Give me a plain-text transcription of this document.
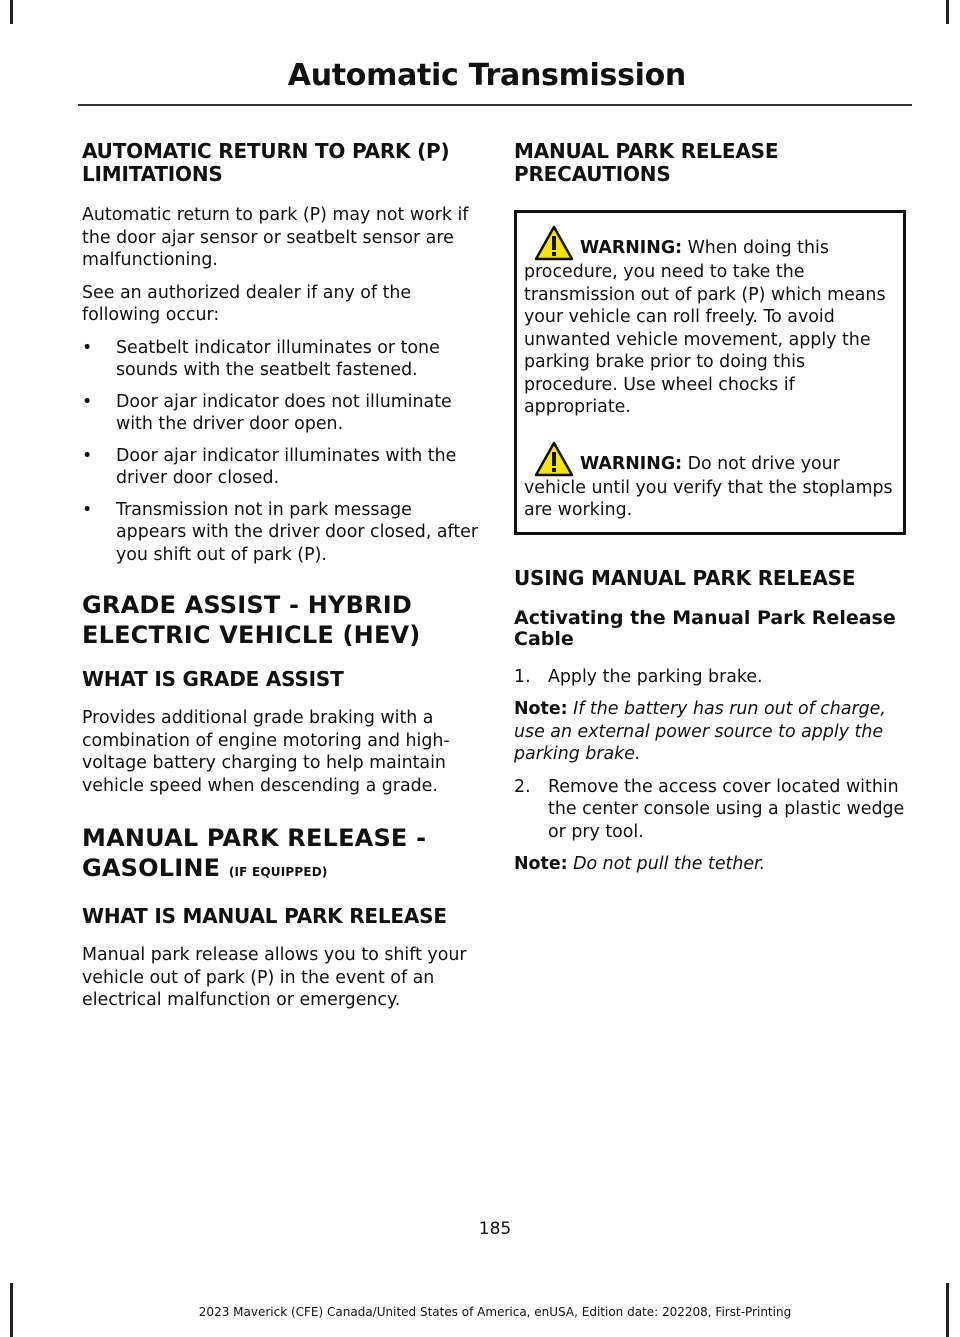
Automatic Transmission
AUTOMATIC RETURN TO PARK (P) LIMITATIONS

Automatic return to park (P) may not work if the door ajar sensor or seatbelt sensor are malfunctioning.

See an authorized dealer if any of the following occur:

• Seatbelt indicator illuminates or tone sounds with the seatbelt fastened.
• Door ajar indicator does not illuminate with the driver door open.
• Door ajar indicator illuminates with the driver door closed.
• Transmission not in park message appears with the driver door closed, after you shift out of park (P).
GRADE ASSIST - HYBRID ELECTRIC VEHICLE (HEV)
WHAT IS GRADE ASSIST

Provides additional grade braking with a combination of engine motoring and high-voltage battery charging to help maintain vehicle speed when descending a grade.

MANUAL PARK RELEASE - GASOLINE (IF EQUIPPED)
WHAT IS MANUAL PARK RELEASE

Manual park release allows you to shift your vehicle out of park (P) in the event of an electrical malfunction or emergency.

MANUAL PARK RELEASE PRECAUTIONS

WARNING: When doing this procedure, you need to take the transmission out of park (P) which means your vehicle can roll freely. To avoid unwanted vehicle movement, apply the parking brake prior to doing this procedure. Use wheel chocks if appropriate.

WARNING: Do not drive your vehicle until you verify that the stoplamps are working.

USING MANUAL PARK RELEASE
Activating the Manual Park Release Cable
1. Apply the parking brake.

Note: If the battery has run out of charge, use an external power source to apply the parking brake.

2. Remove the access cover located within the center console using a plastic wedge or pry tool.

Note: Do not pull the tether.

185
2023 Maverick (CFE) Canada/United States of America, enUSA, Edition date: 202208, First-Printing
